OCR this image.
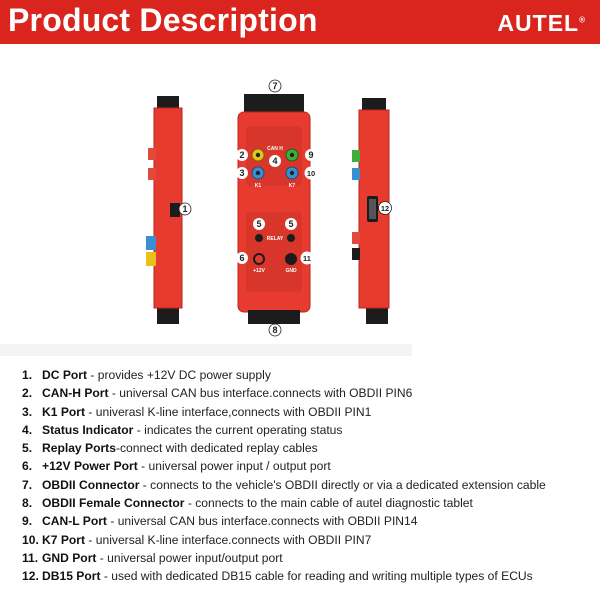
Product Description	AUTEL®
CAN H
K1	K7
RELAY
+12V	GND
1
2
3
4
5	5
6
7
8
9
10
11
12
1. DC Port - provides +12V DC power supply
2. CAN-H Port - universal CAN bus interface.connects with OBDII PIN6
3. K1 Port - univerasl K-line interface,connects with OBDII PIN1
4. Status Indicator - indicates the current operating status
5. Replay Ports-connect with dedicated replay cables
6. +12V Power Port - universal power input / output port
7. OBDII Connector - connects to the vehicle's OBDII directly or via a dedicated extension cable
8. OBDII Female Connector - connects to the main cable of autel diagnostic tablet
9. CAN-L Port - universal CAN bus interface.connects with OBDII PIN14
10. K7 Port - universal K-line interface.connects with OBDII PIN7
11. GND Port - universal power input/output port
12. DB15 Port - used with dedicated DB15 cable for reading and writing multiple types of ECUs
